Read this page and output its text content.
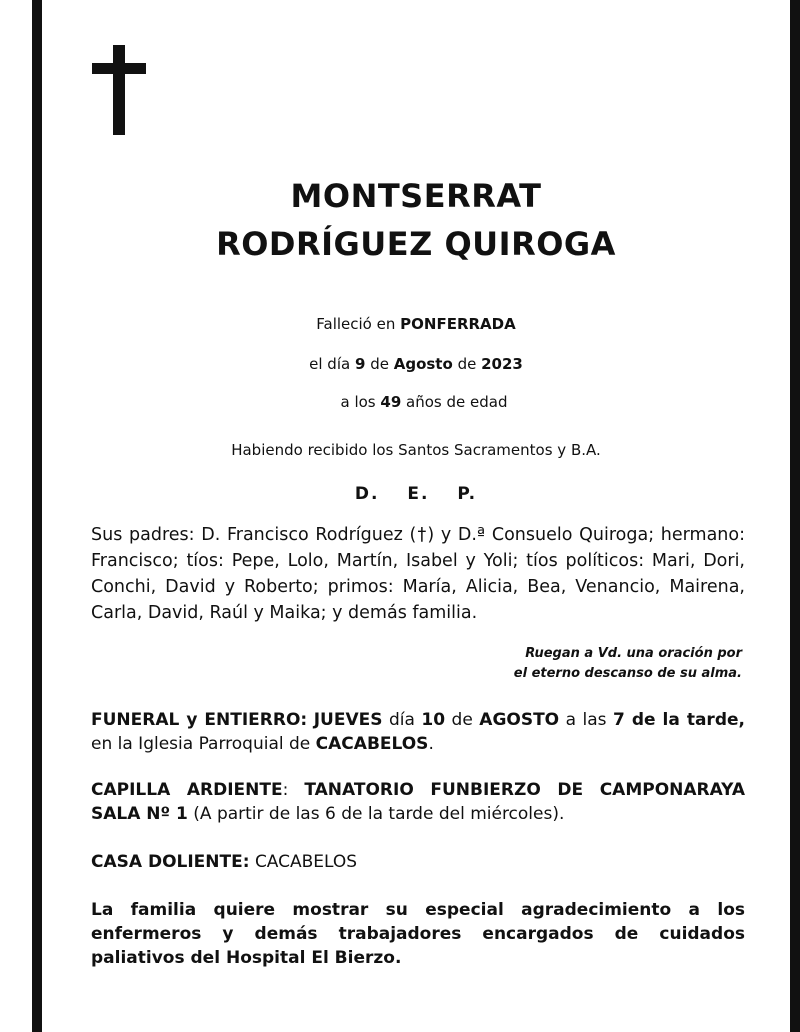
MONTSERRAT
RODRÍGUEZ QUIROGA
Falleció en PONFERRADA
el día 9 de Agosto de 2023
a los 49 años de edad
Habiendo recibido los Santos Sacramentos y B.A.
D. E. P.
Sus padres: D. Francisco Rodríguez (†) y D.ª Consuelo Quiroga; hermano: Francisco; tíos: Pepe, Lolo, Martín, Isabel y Yoli; tíos políticos: Mari, Dori, Conchi, David y Roberto; primos: María, Alicia, Bea, Venancio, Mairena, Carla, David, Raúl y Maika; y demás familia.
Ruegan a Vd. una oración por
el eterno descanso de su alma.
FUNERAL y ENTIERRO: JUEVES día 10 de AGOSTO a las 7 de la tarde, en la Iglesia Parroquial de CACABELOS.
CAPILLA ARDIENTE: TANATORIO FUNBIERZO DE CAMPONARAYA SALA Nº 1 (A partir de las 6 de la tarde del miércoles).
CASA DOLIENTE: CACABELOS
La familia quiere mostrar su especial agradecimiento a los enfermeros y demás trabajadores encargados de cuidados paliativos del Hospital El Bierzo.
